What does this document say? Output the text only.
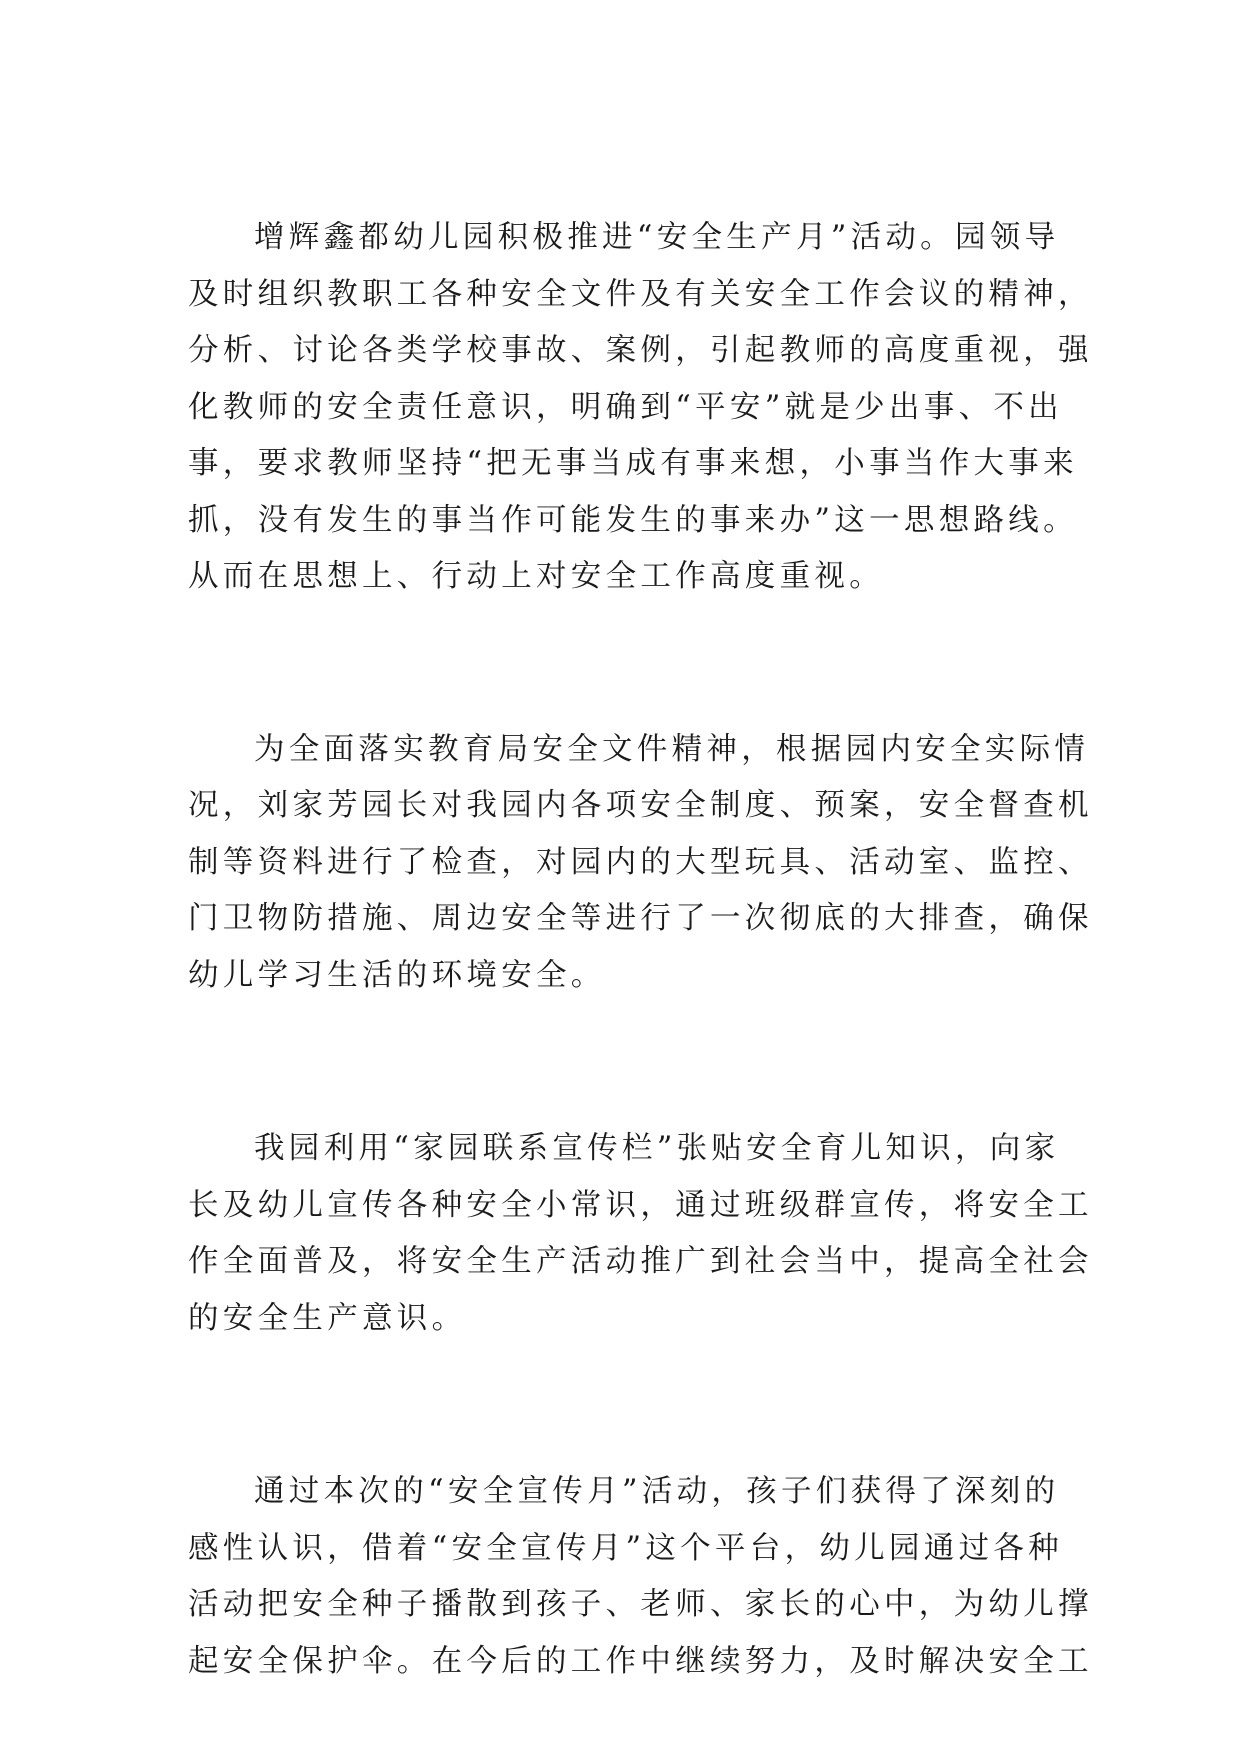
增辉鑫都幼儿园积极推进“安全生产月”活动。园领导
及时组织教职工各种安全文件及有关安全工作会议的精神，
分析、讨论各类学校事故、案例，引起教师的高度重视，强
化教师的安全责任意识，明确到“平安”就是少出事、不出
事，要求教师坚持“把无事当成有事来想，小事当作大事来
抓，没有发生的事当作可能发生的事来办”这一思想路线。
从而在思想上、行动上对安全工作高度重视。

为全面落实教育局安全文件精神，根据园内安全实际情
况，刘家芳园长对我园内各项安全制度、预案，安全督查机
制等资料进行了检查，对园内的大型玩具、活动室、监控、
门卫物防措施、周边安全等进行了一次彻底的大排查，确保
幼儿学习生活的环境安全。

我园利用“家园联系宣传栏”张贴安全育儿知识，向家
长及幼儿宣传各种安全小常识，通过班级群宣传，将安全工
作全面普及，将安全生产活动推广到社会当中，提高全社会
的安全生产意识。

通过本次的“安全宣传月”活动，孩子们获得了深刻的
感性认识，借着“安全宣传月”这个平台，幼儿园通过各种
活动把安全种子播散到孩子、老师、家长的心中，为幼儿撑
起安全保护伞。在今后的工作中继续努力，及时解决安全工
